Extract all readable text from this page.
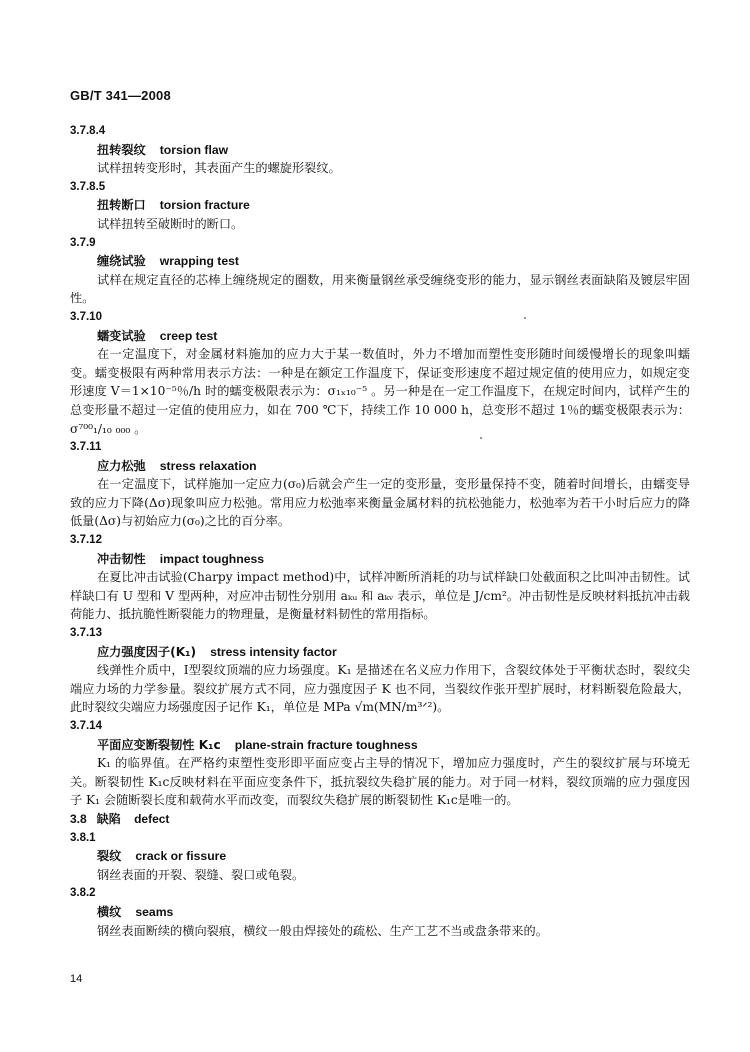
GB/T 341—2008
3.7.8.4
扭转裂纹 torsion flaw
试样扭转变形时，其表面产生的螺旋形裂纹。
3.7.8.5
扭转断口 torsion fracture
试样扭转至破断时的断口。
3.7.9
缠绕试验 wrapping test
试样在规定直径的芯棒上缠绕规定的圈数，用来衡量钢丝承受缠绕变形的能力，显示钢丝表面缺陷及镀层牢固性。
3.7.10
蠕变试验 creep test
在一定温度下，对金属材料施加的应力大于某一数值时，外力不增加而塑性变形随时间缓慢增长的现象叫蠕变。蠕变极限有两种常用表示方法：一种是在额定工作温度下，保证变形速度不超过规定值的使用应力，如规定变形速度 V＝1×10⁻⁵％/h 时的蠕变极限表示为：σ₁ₓ₁₀⁻⁵ 。另一种是在一定工作温度下，在规定时间内，试样产生的总变形量不超过一定值的使用应力，如在 700 ℃下，持续工作 10 000 h，总变形不超过 1％的蠕变极限表示为：σ⁷⁰⁰₁/₁₀ ₀₀₀ 。
3.7.11
应力松弛 stress relaxation
在一定温度下，试样施加一定应力(σ₀)后就会产生一定的变形量，变形量保持不变，随着时间增长，由蠕变导致的应力下降(Δσ)现象叫应力松弛。常用应力松弛率来衡量金属材料的抗松弛能力，松弛率为若干小时后应力的降低量(Δσ)与初始应力(σ₀)之比的百分率。
3.7.12
冲击韧性 impact toughness
在夏比冲击试验(Charpy impact method)中，试样冲断所消耗的功与试样缺口处截面积之比叫冲击韧性。试样缺口有 U 型和 V 型两种，对应冲击韧性分别用 aₖᵤ 和 aₖᵥ 表示，单位是 J/cm²。冲击韧性是反映材料抵抗冲击载荷能力、抵抗脆性断裂能力的物理量，是衡量材料韧性的常用指标。
3.7.13
应力强度因子(K₁) stress intensity factor
线弹性介质中，Ⅰ型裂纹顶端的应力场强度。K₁ 是描述在名义应力作用下，含裂纹体处于平衡状态时，裂纹尖端应力场的力学参量。裂纹扩展方式不同，应力强度因子 K 也不同，当裂纹作张开型扩展时，材料断裂危险最大，此时裂纹尖端应力场强度因子记作 K₁，单位是 MPa √m(MN/m³ᐟ²)。
3.7.14
平面应变断裂韧性 K₁c plane-strain fracture toughness
K₁ 的临界值。在严格约束塑性变形即平面应变占主导的情况下，增加应力强度时，产生的裂纹扩展与环境无关。断裂韧性 K₁c反映材料在平面应变条件下，抵抗裂纹失稳扩展的能力。对于同一材料，裂纹顶端的应力强度因子 K₁ 会随断裂长度和载荷水平而改变，而裂纹失稳扩展的断裂韧性 K₁c是唯一的。
3.8 缺陷 defect
3.8.1
裂纹 crack or fissure
钢丝表面的开裂、裂缝、裂口或龟裂。
3.8.2
横纹 seams
钢丝表面断续的横向裂痕，横纹一般由焊接处的疏松、生产工艺不当或盘条带来的。
14
